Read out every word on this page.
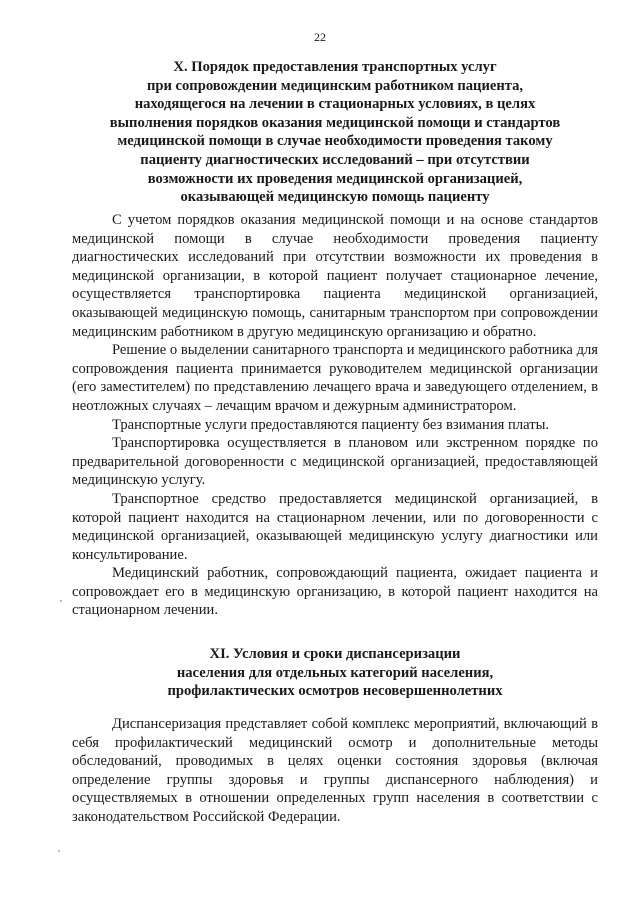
22
X. Порядок предоставления транспортных услуг
при сопровождении медицинским работником пациента,
находящегося на лечении в стационарных условиях, в целях
выполнения порядков оказания медицинской помощи и стандартов
медицинской помощи в случае необходимости проведения такому
пациенту диагностических исследований – при отсутствии
возможности их проведения медицинской организацией,
оказывающей медицинскую помощь пациенту

С учетом порядков оказания медицинской помощи и на основе стандартов медицинской помощи в случае необходимости проведения пациенту диагностических исследований при отсутствии возможности их проведения в медицинской организации, в которой пациент получает стационарное лечение, осуществляется транспортировка пациента медицинской организацией, оказывающей медицинскую помощь, санитарным транспортом при сопровождении медицинским работником в другую медицинскую организацию и обратно.

Решение о выделении санитарного транспорта и медицинского работника для сопровождения пациента принимается руководителем медицинской организации (его заместителем) по представлению лечащего врача и заведующего отделением, в неотложных случаях – лечащим врачом и дежурным администратором.

Транспортные услуги предоставляются пациенту без взимания платы.

Транспортировка осуществляется в плановом или экстренном порядке по предварительной договоренности с медицинской организацией, предоставляющей медицинскую услугу.

Транспортное средство предоставляется медицинской организацией, в которой пациент находится на стационарном лечении, или по договоренности с медицинской организацией, оказывающей медицинскую услугу диагностики или консультирование.

Медицинский работник, сопровождающий пациента, ожидает пациента и сопровождает его в медицинскую организацию, в которой пациент находится на стационарном лечении.

XI. Условия и сроки диспансеризации
населения для отдельных категорий населения,
профилактических осмотров несовершеннолетних

Диспансеризация представляет собой комплекс мероприятий, включающий в себя профилактический медицинский осмотр и дополнительные методы обследований, проводимых в целях оценки состояния здоровья (включая определение группы здоровья и группы диспансерного наблюдения) и осуществляемых в отношении определенных групп населения в соответствии с законодательством Российской Федерации.
